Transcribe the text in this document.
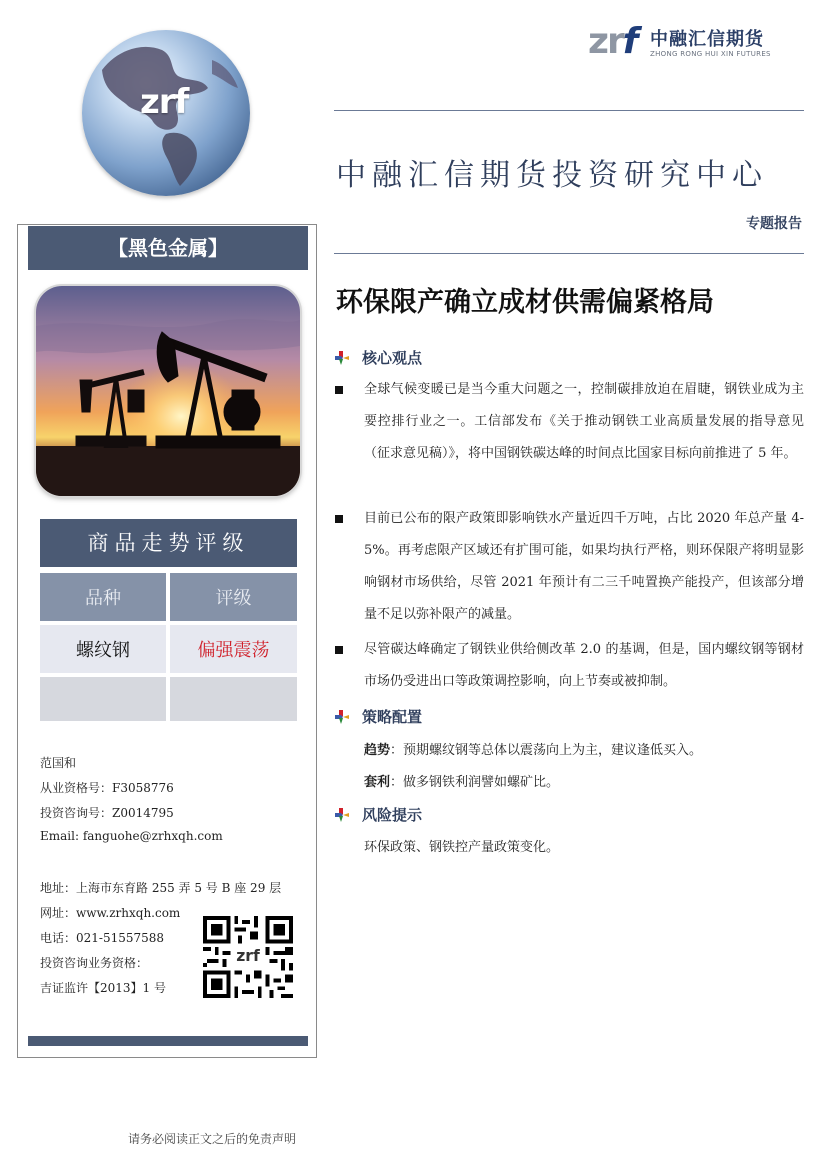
zrf
zrf 中融汇信期货
ZHONG RONG HUI XIN FUTURES
中融汇信期货投资研究中心
专题报告
环保限产确立成材供需偏紧格局
【黑色金属】
商品走势评级
品种	评级
螺纹钢	偏强震荡
范国和
从业资格号：F3058776
投资咨询号：Z0014795
Email: fanguohe@zrhxqh.com
地址：上海市东育路 255 弄 5 号 B 座 29 层
网址：www.zrhxqh.com
电话：021-51557588
投资咨询业务资格：
吉证监许【2013】1 号
zrf
核心观点
全球气候变暖已是当今重大问题之一，控制碳排放迫在眉睫，钢铁业成为主要控排行业之一。工信部发布《关于推动钢铁工业高质量发展的指导意见（征求意见稿）》，将中国钢铁碳达峰的时间点比国家目标向前推进了 5 年。
目前已公布的限产政策即影响铁水产量近四千万吨，占比 2020 年总产量 4-5%。再考虑限产区域还有扩围可能，如果均执行严格，则环保限产将明显影响钢材市场供给，尽管 2021 年预计有二三千吨置换产能投产，但该部分增量不足以弥补限产的减量。
尽管碳达峰确定了钢铁业供给侧改革 2.0 的基调，但是，国内螺纹钢等钢材市场仍受进出口等政策调控影响，向上节奏或被抑制。
策略配置
趋势：预期螺纹钢等总体以震荡向上为主，建议逢低买入。
套利：做多钢铁利润譬如螺矿比。
风险提示
环保政策、钢铁控产量政策变化。
请务必阅读正文之后的免责声明
